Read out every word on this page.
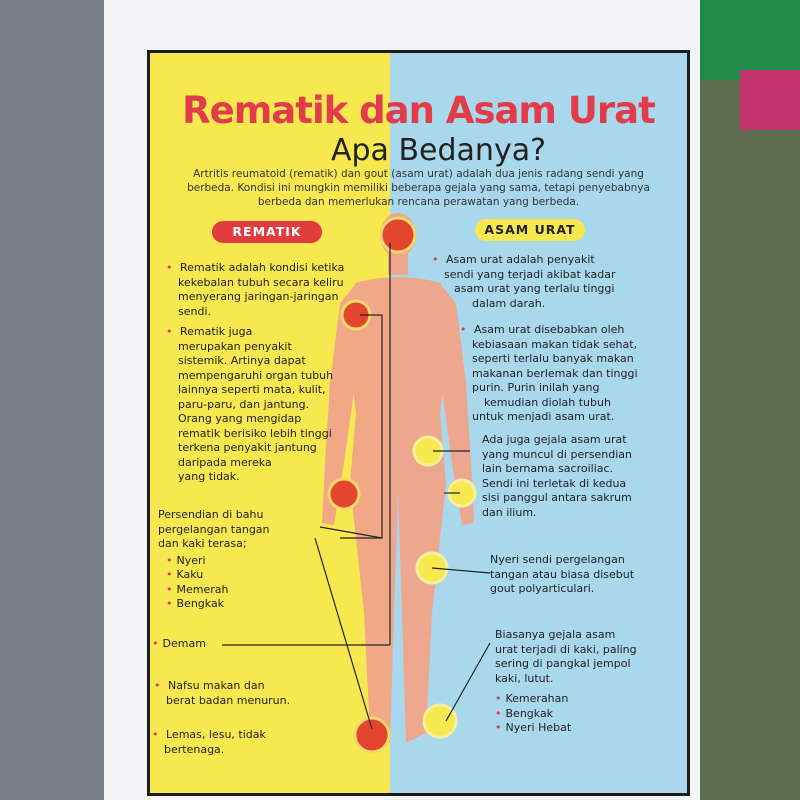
Rematik dan Asam Urat
Apa Bedanya?
Artritis reumatoid (rematik) dan gout (asam urat) adalah dua jenis radang sendi yang berbeda. Kondisi ini mungkin memiliki beberapa gejala yang sama, tetapi penyebabnya berbeda dan memerlukan rencana perawatan yang berbeda.
REMATIK	ASAM URAT
• Rematik adalah kondisi ketika
kekebalan tubuh secara keliru
menyerang jaringan-jaringan
sendi.
• Rematik juga
merupakan penyakit
sistemik. Artinya dapat
mempengaruhi organ tubuh
lainnya seperti mata, kulit,
paru-paru, dan jantung.
Orang yang mengidap
rematik berisiko lebih tinggi
terkena penyakit jantung
daripada mereka
yang tidak.
Persendian di bahu
pergelangan tangan
dan kaki terasa;
• Nyeri
• Kaku
• Memerah
• Bengkak
• Demam
• Nafsu makan dan
berat badan menurun.
• Lemas, lesu, tidak
bertenaga.
• Asam urat adalah penyakit
sendi yang terjadi akibat kadar
asam urat yang terlalu tinggi
dalam darah.
• Asam urat disebabkan oleh
kebiasaan makan tidak sehat,
seperti terlalu banyak makan
makanan berlemak dan tinggi
purin. Purin inilah yang
kemudian diolah tubuh
untuk menjadi asam urat.
Ada juga gejala asam urat
yang muncul di persendian
lain bernama sacroiliac.
Sendi ini terletak di kedua
sisi panggul antara sakrum
dan ilium.
Nyeri sendi pergelangan
tangan atau biasa disebut
gout polyarticulari.
Biasanya gejala asam
urat terjadi di kaki, paling
sering di pangkal jempol
kaki, lutut.
• Kemerahan
• Bengkak
• Nyeri Hebat
